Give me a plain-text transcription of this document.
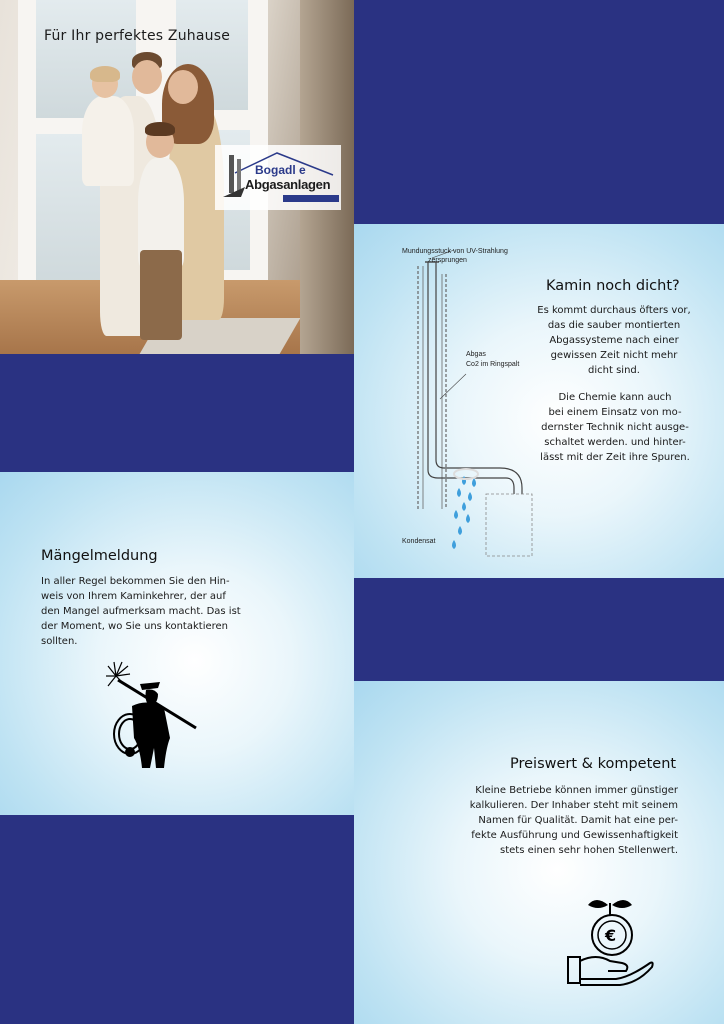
Für Ihr perfektes Zuhause
Bogadl e
Abgasanlagen
Mundungsstuck von UV-Strahlung
zersprungen
Abgas
Co2 im Ringspalt
Kondensat
Kamin noch dicht?
Es kommt durchaus öfters vor,
das die sauber montierten
Abgassysteme nach einer
gewissen Zeit nicht mehr
dicht sind.
Die Chemie kann auch
bei einem Einsatz von mo-
dernster Technik nicht ausge-
schaltet werden. und hinter-
lässt mit der Zeit ihre Spuren.
Mängelmeldung
In aller Regel bekommen Sie den Hin-
weis von Ihrem Kaminkehrer, der auf
den Mangel aufmerksam macht. Das ist
der Moment, wo Sie uns kontaktieren
sollten.
Preiswert & kompetent
Kleine Betriebe können immer günstiger
kalkulieren. Der Inhaber steht mit seinem
Namen für Qualität. Damit hat eine per-
fekte Ausführung und Gewissenhaftigkeit
stets einen sehr hohen Stellenwert.
€
